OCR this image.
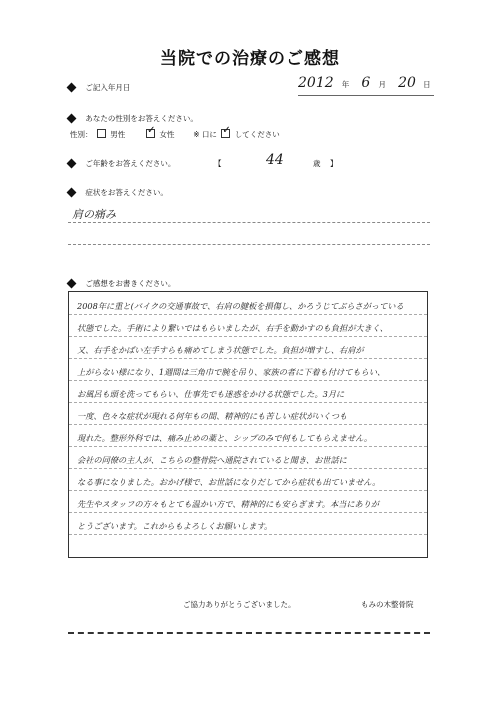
当院での治療のご感想
ご記入年月日	2012 年 6 月 20 日
あなたの性別をお答えください。
性別： 男性 ✓	女性	※ 口に ✓ してください
ご年齢をお答えください。	【	44	歳 】
症状をお答えください。
肩の痛み
ご感想をお書きください。
2008年に重と(バイクの交通事故で、右肩の腱板を損傷し、かろうじてぶらさがっている
状態でした。手術により繋いではもらいましたが、右手を動かすのも負担が大きく、
又、右手をかばい左手すらも痛めてしまう状態でした。負担が増すし、右肩が
上がらない様になり、1週間は三角巾で腕を吊り、家族の者に下着も付けてもらい、
お風呂も頭を洗ってもらい、仕事先でも迷惑をかける状態でした。3月に
一度、色々な症状が現れる何年もの間、精神的にも苦しい症状がいくつも
現れた。整形外科では、痛み止めの薬と、シップのみで何もしてもらえません。
会社の同僚の主人が、こちらの整骨院へ通院されていると聞き、お世話に
なる事になりました。おかげ様で、お世話になりだしてから症状も出ていません。
先生やスタッフの方々もとても温かい方で、精神的にも安らぎます。本当にありが
とうございます。これからもよろしくお願いします。
ご協力ありがとうございました。	もみの木整骨院
